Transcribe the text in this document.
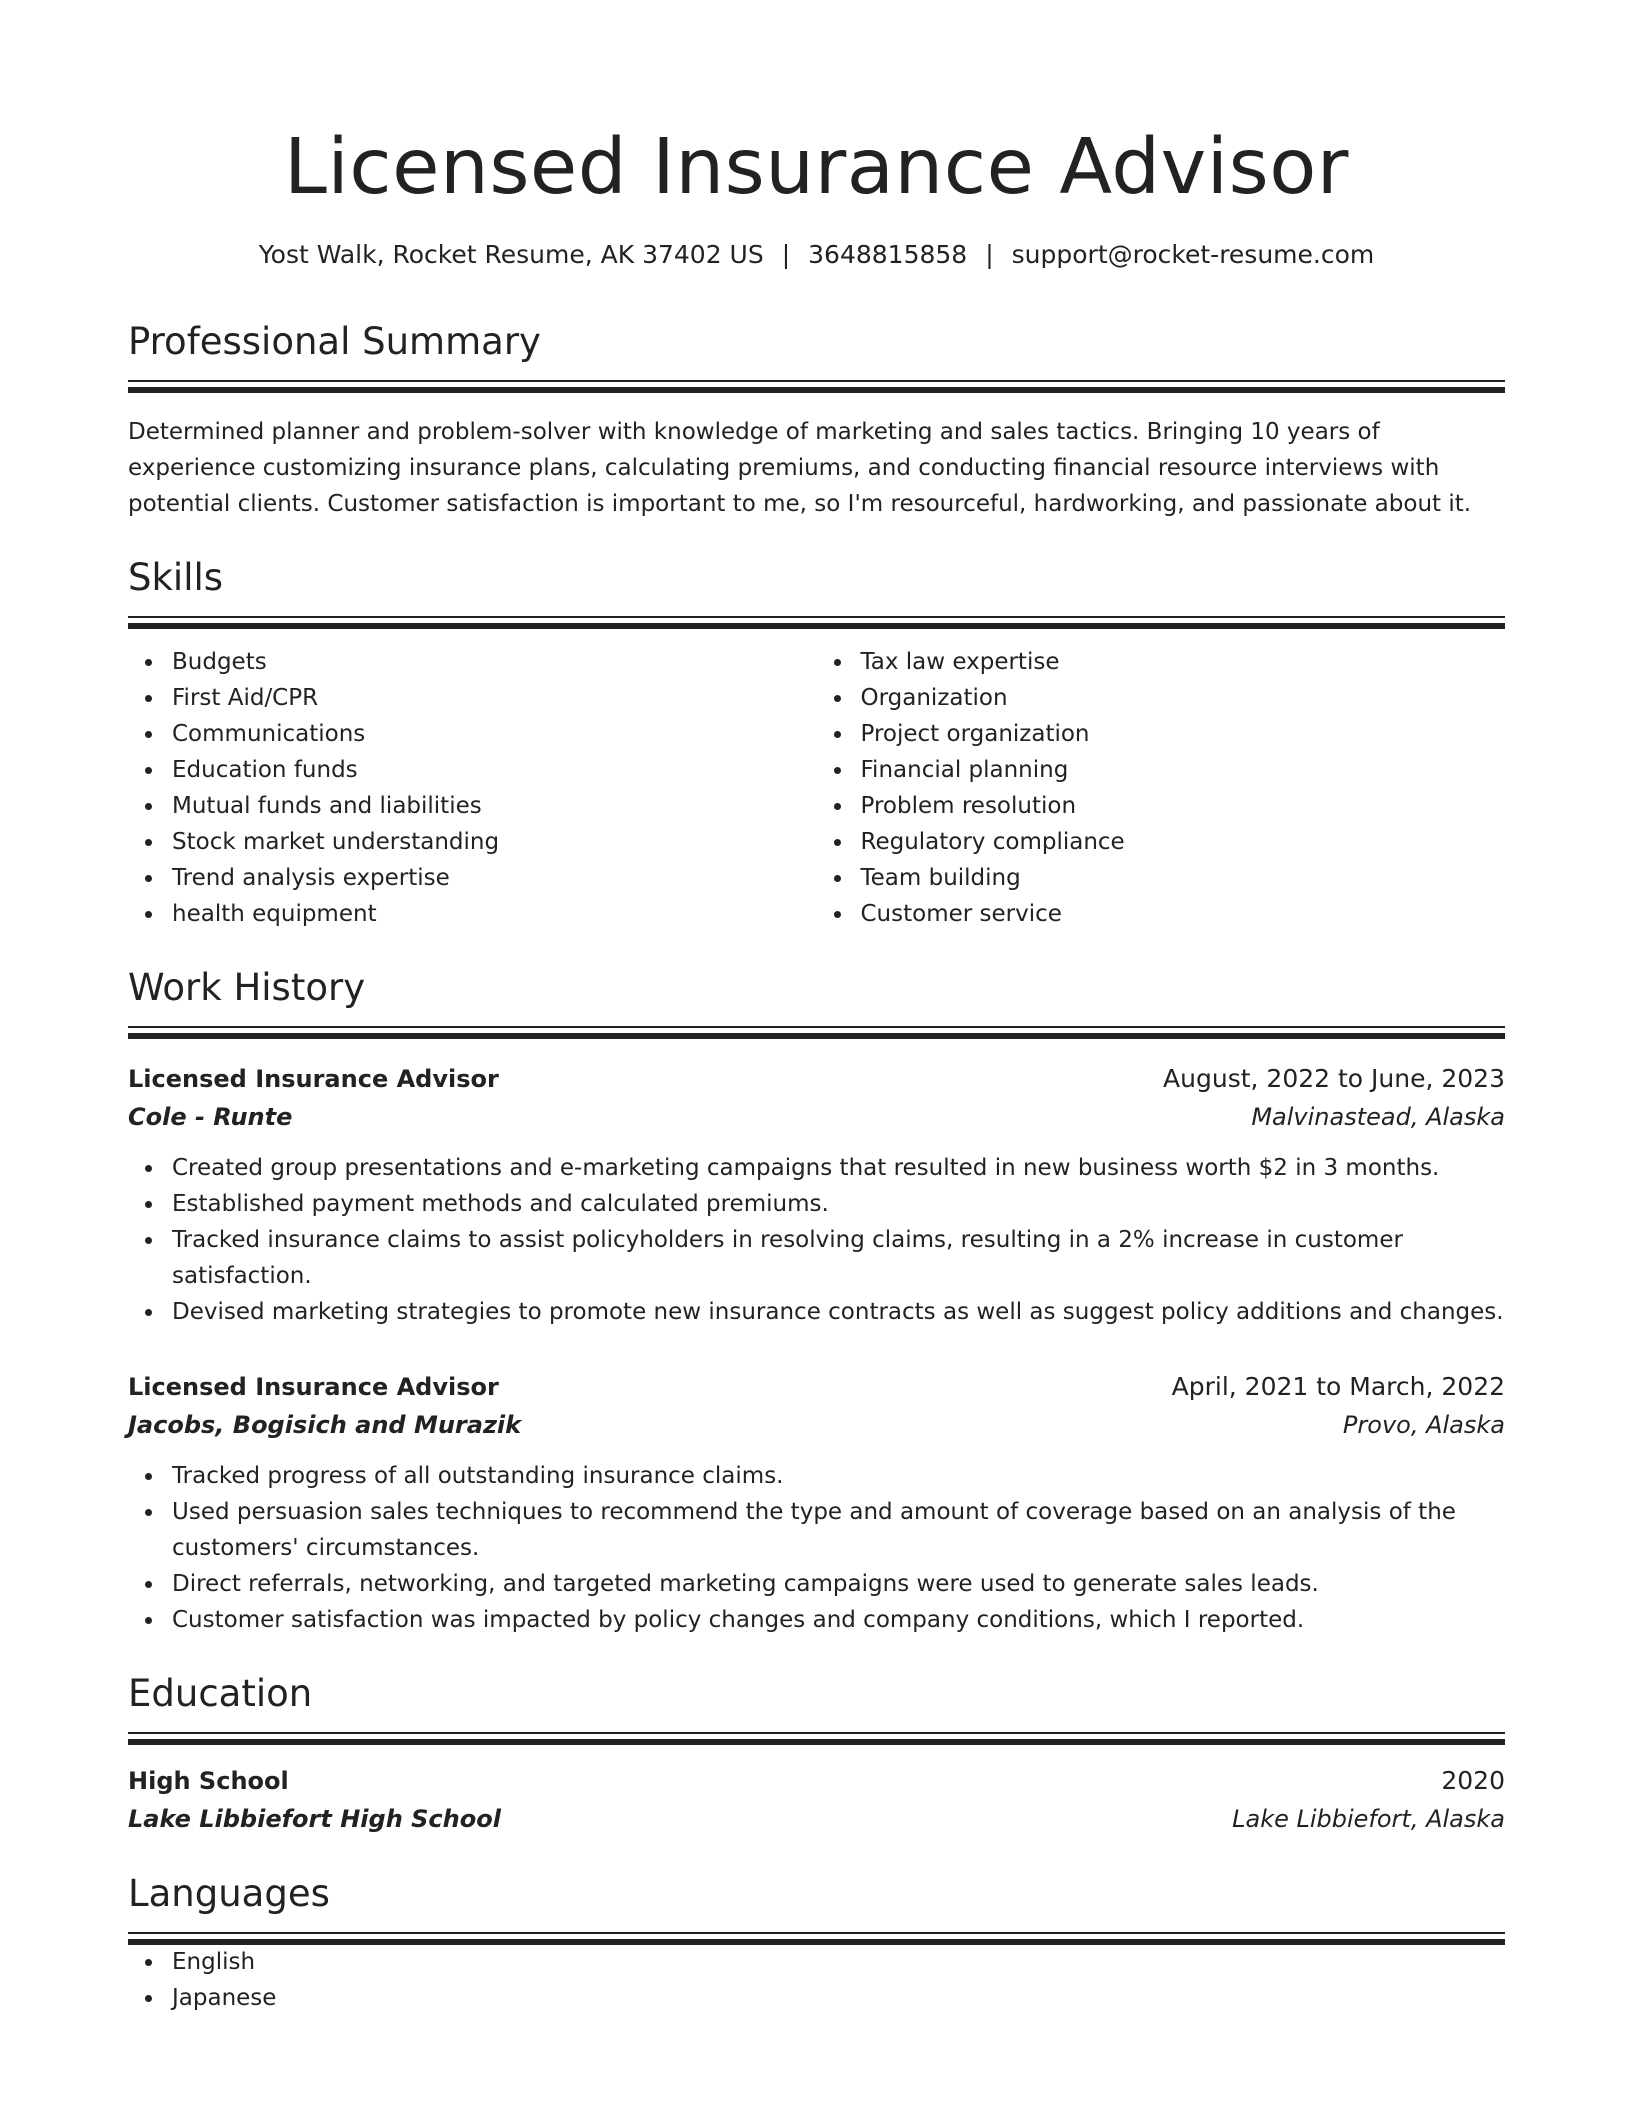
Licensed Insurance Advisor
Yost Walk, Rocket Resume, AK 37402 US | 3648815858 | support@rocket-resume.com
Professional Summary

Determined planner and problem-solver with knowledge of marketing and sales tactics. Bringing 10 years of experience customizing insurance plans, calculating premiums, and conducting financial resource interviews with potential clients. Customer satisfaction is important to me, so I'm resourceful, hardworking, and passionate about it.

Skills
Budgets
First Aid/CPR
Communications
Education funds
Mutual funds and liabilities
Stock market understanding
Trend analysis expertise
health equipment
Tax law expertise
Organization
Project organization
Financial planning
Problem resolution
Regulatory compliance
Team building
Customer service
Work History
Licensed Insurance Advisor	August, 2022 to June, 2023
Cole - Runte	Malvinastead, Alaska
Created group presentations and e-marketing campaigns that resulted in new business worth $2 in 3 months.
Established payment methods and calculated premiums.
Tracked insurance claims to assist policyholders in resolving claims, resulting in a 2% increase in customer satisfaction.
Devised marketing strategies to promote new insurance contracts as well as suggest policy additions and changes.
Licensed Insurance Advisor	April, 2021 to March, 2022
Jacobs, Bogisich and Murazik	Provo, Alaska
Tracked progress of all outstanding insurance claims.
Used persuasion sales techniques to recommend the type and amount of coverage based on an analysis of the customers' circumstances.
Direct referrals, networking, and targeted marketing campaigns were used to generate sales leads.
Customer satisfaction was impacted by policy changes and company conditions, which I reported.
Education
High School	2020
Lake Libbiefort High School	Lake Libbiefort, Alaska
Languages
English
Japanese
